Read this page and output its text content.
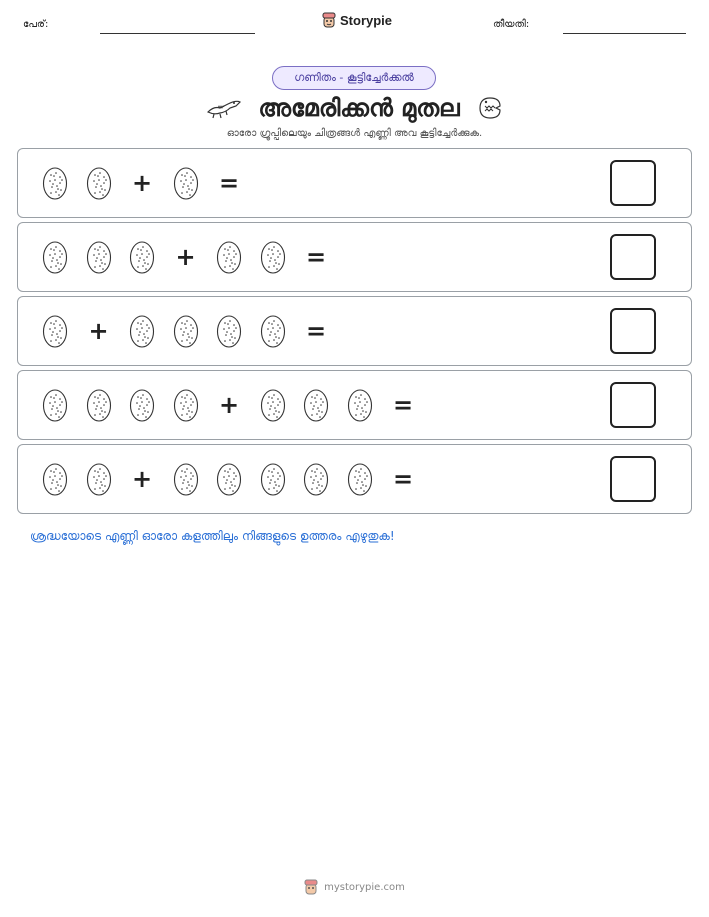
പേര്:	Storypie	തീയതി:
ഗണിതം - കൂട്ടിച്ചേർക്കൽ
അമേരിക്കൻ മുതല
ഓരോ ഗ്രൂപ്പിലെയും ചിത്രങ്ങൾ എണ്ണി അവ കൂട്ടിച്ചേർക്കുക.
+	=
+	=
+	=
+	=
+	=
ശ്രദ്ധയോടെ എണ്ണി ഓരോ കളത്തിലും നിങ്ങളുടെ ഉത്തരം എഴുതുക!
mystorypie.com
